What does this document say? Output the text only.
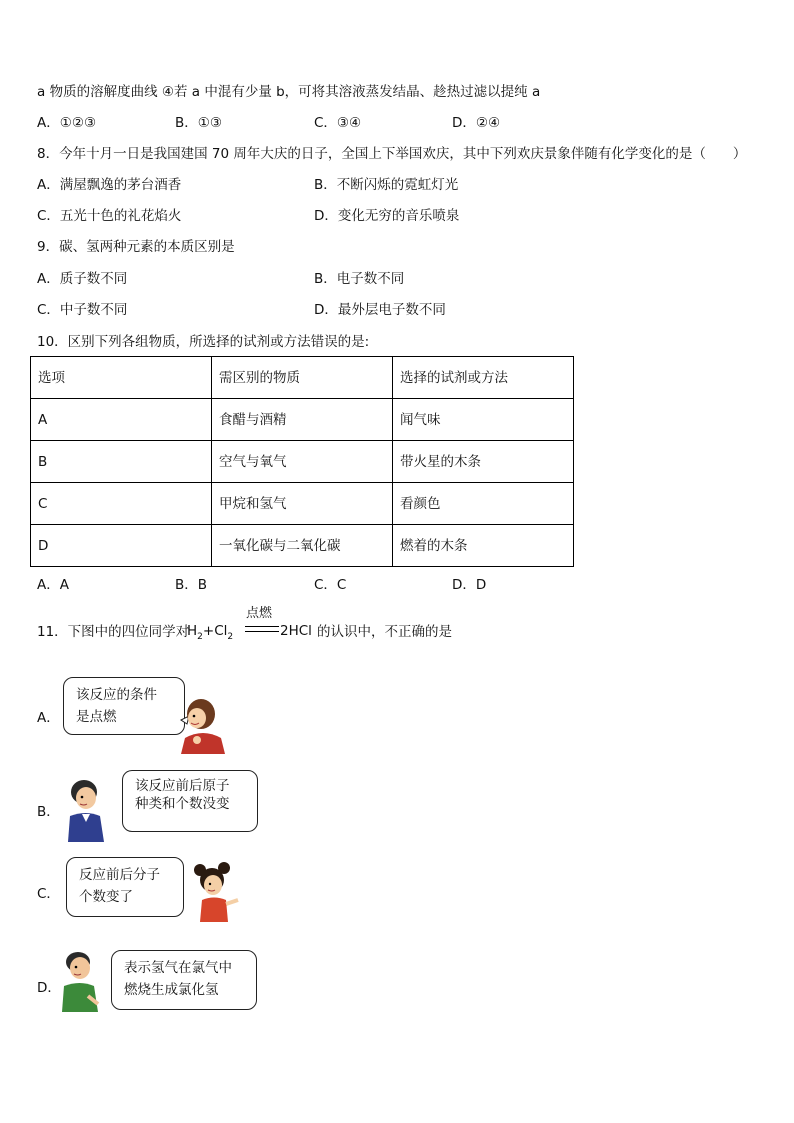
a 物质的溶解度曲线 ④若 a 中混有少量 b，可将其溶液蒸发结晶、趁热过滤以提纯 a
A．①②③	B．①③	C．③④	D．②④
8．今年十月一日是我国建国 70 周年大庆的日子，全国上下举国欢庆，其中下列欢庆景象伴随有化学变化的是（　　）
A．满屋飘逸的茅台酒香	B．不断闪烁的霓虹灯光
C．五光十色的礼花焰火	D．变化无穷的音乐喷泉
9．碳、氢两种元素的本质区别是
A．质子数不同	B．电子数不同
C．中子数不同	D．最外层电子数不同
10．区别下列各组物质，所选择的试剂或方法错误的是:
选项	需区别的物质	选择的试剂或方法
A	食醋与酒精	闻气味
B	空气与氧气	带火星的木条
C	甲烷和氢气	看颜色
D	一氧化碳与二氧化碳	燃着的木条
A．A	B．B	C．C	D．D
11．下图中的四位同学对
$H_2+Cl_2$
点燃
2HCl 的认识中，不正确的是
A．
该反应的条件
是点燃
B．
该反应前后原子
种类和个数没变
C．
反应前后分子
个数变了
D．
表示氢气在氯气中
燃烧生成氯化氢
